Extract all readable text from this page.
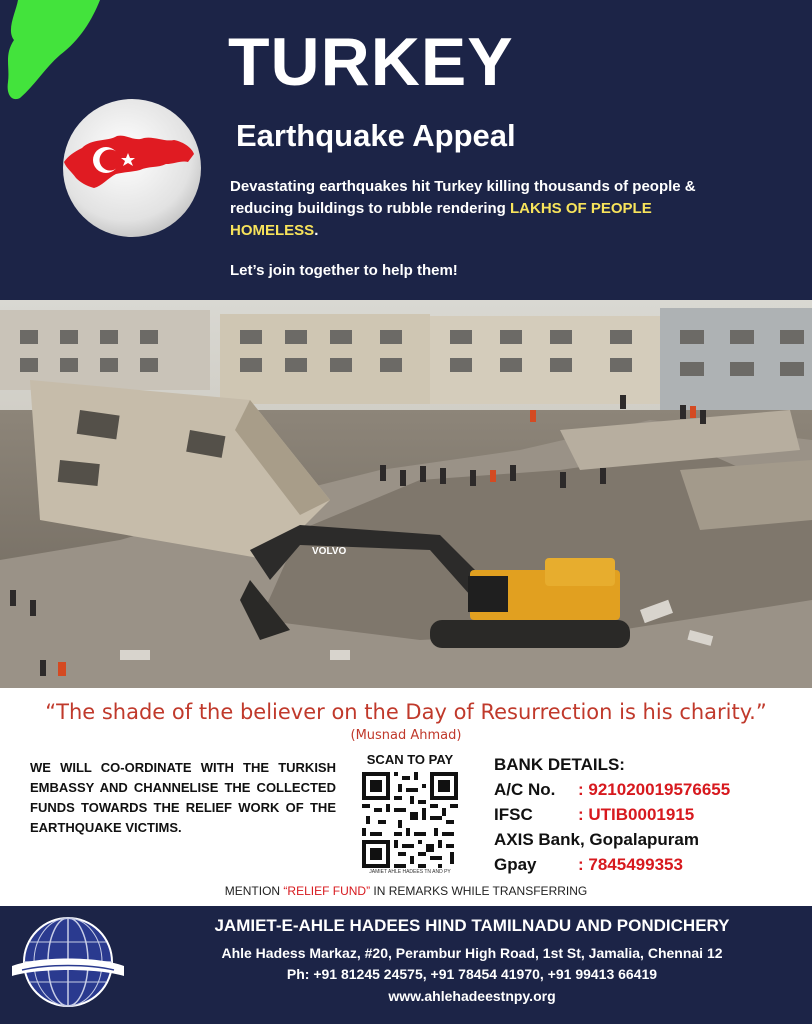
TURKEY
Earthquake Appeal
Devastating earthquakes hit Turkey killing thousands of people & reducing buildings to rubble rendering LAKHS OF PEOPLE HOMELESS.
Let’s join together to help them!
VOLVO
“The shade of the believer on the Day of Resurrection is his charity.”
(Musnad Ahmad)
WE WILL CO-ORDINATE WITH THE TURKISH EMBASSY AND CHANNELISE THE COLLECTED FUNDS TOWARDS THE RELIEF WORK OF THE EARTHQUAKE VICTIMS.
SCAN TO PAY
JAMIET AHLE HADEES TN AND PY
BANK DETAILS:
A/C No. : 921020019576655
IFSC	: UTIB0001915
AXIS Bank, Gopalapuram
Gpay : 7845499353
MENTION “RELIEF FUND” IN REMARKS WHILE TRANSFERRING
JAMIET-E-AHLE HADEES HIND TAMILNADU AND PONDICHERY
Ahle Hadess Markaz, #20, Perambur High Road, 1st St, Jamalia, Chennai 12
Ph: +91 81245 24575, +91 78454 41970, +91 99413 66419
www.ahlehadeestnpy.org
